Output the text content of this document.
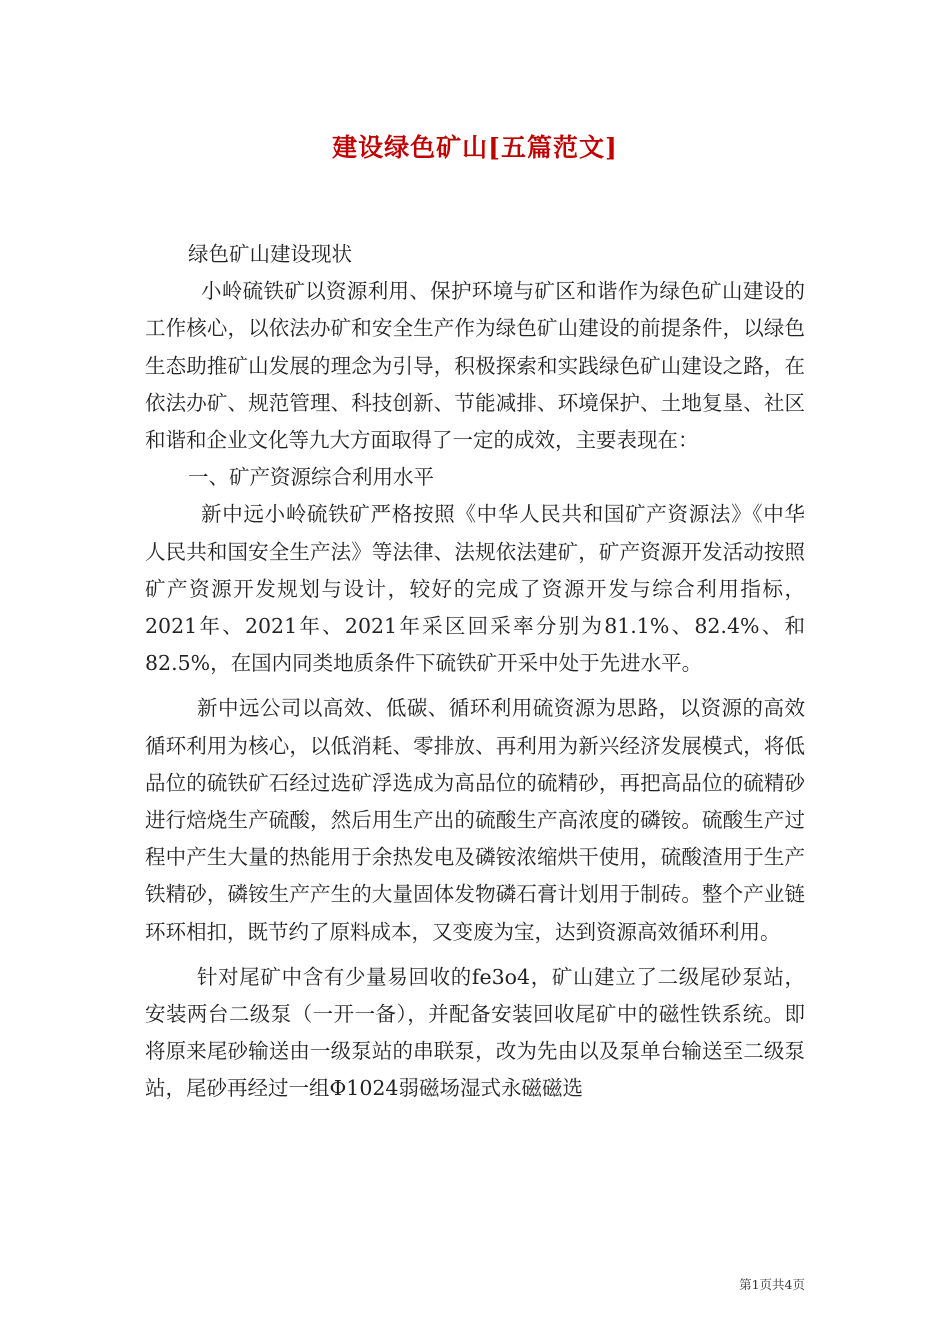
建设绿色矿山[五篇范文]

绿色矿山建设现状

小岭硫铁矿以资源利用、保护环境与矿区和谐作为绿色矿山建设的工作核心，以依法办矿和安全生产作为绿色矿山建设的前提条件，以绿色生态助推矿山发展的理念为引导，积极探索和实践绿色矿山建设之路，在依法办矿、规范管理、科技创新、节能减排、环境保护、土地复垦、社区和谐和企业文化等九大方面取得了一定的成效，主要表现在：

一、矿产资源综合利用水平

新中远小岭硫铁矿严格按照《中华人民共和国矿产资源法》《中华人民共和国安全生产法》等法律、法规依法建矿，矿产资源开发活动按照矿产资源开发规划与设计，较好的完成了资源开发与综合利用指标，2021年、2021年、2021年采区回采率分别为81.1%、82.4%、和82.5%，在国内同类地质条件下硫铁矿开采中处于先进水平。

新中远公司以高效、低碳、循环利用硫资源为思路，以资源的高效循环利用为核心，以低消耗、零排放、再利用为新兴经济发展模式，将低品位的硫铁矿石经过选矿浮选成为高品位的硫精砂，再把高品位的硫精砂进行焙烧生产硫酸，然后用生产出的硫酸生产高浓度的磷铵。硫酸生产过程中产生大量的热能用于余热发电及磷铵浓缩烘干使用，硫酸渣用于生产铁精砂，磷铵生产产生的大量固体发物磷石膏计划用于制砖。整个产业链环环相扣，既节约了原料成本，又变废为宝，达到资源高效循环利用。

针对尾矿中含有少量易回收的fe3o4，矿山建立了二级尾砂泵站，安装两台二级泵（一开一备），并配备安装回收尾矿中的磁性铁系统。即将原来尾砂输送由一级泵站的串联泵，改为先由以及泵单台输送至二级泵站，尾砂再经过一组Φ1024弱磁场湿式永磁磁选

第1页共4页
